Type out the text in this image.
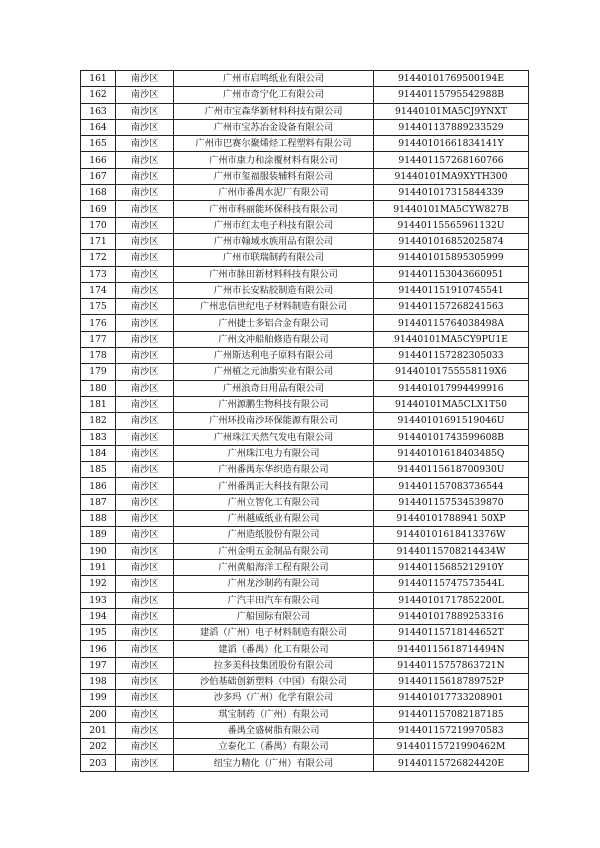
161	南沙区	广州市启鸣纸业有限公司	91440101769500194E
162	南沙区	广州市奇宁化工有限公司	91440115795542988B
163	南沙区	广州市宝森华新材料科技有限公司	91440101MA5CJ9YNXT
164	南沙区	广州市宝苏冶金设备有限公司	914401137889233529
165	南沙区	广州市巴赛尔聚烯烃工程塑料有限公司	91440101661834141Y
166	南沙区	广州市康力和涂覆材料有限公司	914401157268160766
167	南沙区	广州市玺福服装辅料有限公司	91440101MA9XYTH300
168	南沙区	广州市番禺水泥厂有限公司	914401017315844339
169	南沙区	广州市科丽能环保科技有限公司	91440101MA5CYW827B
170	南沙区	广州市红太电子科技有限公司	91440115565961132U
171	南沙区	广州市翰域水族用品有限公司	914401016852025874
172	南沙区	广州市联瑞制药有限公司	914401015895305999
173	南沙区	广州市脉田新材料科技有限公司	914401153043660951
174	南沙区	广州市长安粘胶制造有限公司	914401151910745541
175	南沙区	广州忠信世纪电子材料制造有限公司	914401157268241563
176	南沙区	广州捷士多铝合金有限公司	91440115764038498A
177	南沙区	广州文冲船舶修造有限公司	91440101MA5CY9PU1E
178	南沙区	广州斯达利电子原料有限公司	914401157282305033
179	南沙区	广州植之元油脂实业有限公司	91440101755558119X6
180	南沙区	广州浪奇日用品有限公司	914401017994499916
181	南沙区	广州源鹏生物科技有限公司	91440101MA5CLX1T50
182	南沙区	广州环投南沙环保能源有限公司	91440101691519046U
183	南沙区	广州珠江天然气发电有限公司	91440101743599608B
184	南沙区	广州珠江电力有限公司	91440101618403485Q
185	南沙区	广州番禺东华织造有限公司	91440115618700930U
186	南沙区	广州番禺正大科技有限公司	914401157083736544
187	南沙区	广州立智化工有限公司	914401157534539870
188	南沙区	广州越威纸业有限公司	91440101788941 50XP
189	南沙区	广州造纸股份有限公司	91440101618413376W
190	南沙区	广州金明五金制品有限公司	91440115708214434W
191	南沙区	广州黄船海洋工程有限公司	91440115685212910Y
192	南沙区	广州龙沙制药有限公司	91440115747573544L
193	南沙区	广汽丰田汽车有限公司	91440101717852200L
194	南沙区	广船国际有限公司	914401017889253316
195	南沙区	建滔（广州）电子材料制造有限公司	91440115718144652T
196	南沙区	建滔（番禺）化工有限公司	91440115618714494N
197	南沙区	拉多美科技集团股份有限公司	91440115757863721N
198	南沙区	沙伯基础创新塑料（中国）有限公司	91440115618789752P
199	南沙区	沙多玛（广州）化学有限公司	914401017733208901
200	南沙区	琪宝制药（广州）有限公司	914401157082187185
201	南沙区	番禺全盛树脂有限公司	914401157219970583
202	南沙区	立泰化工（番禺）有限公司	91440115721990462M
203	南沙区	纽宝力精化（广州）有限公司	91440115726824420E
